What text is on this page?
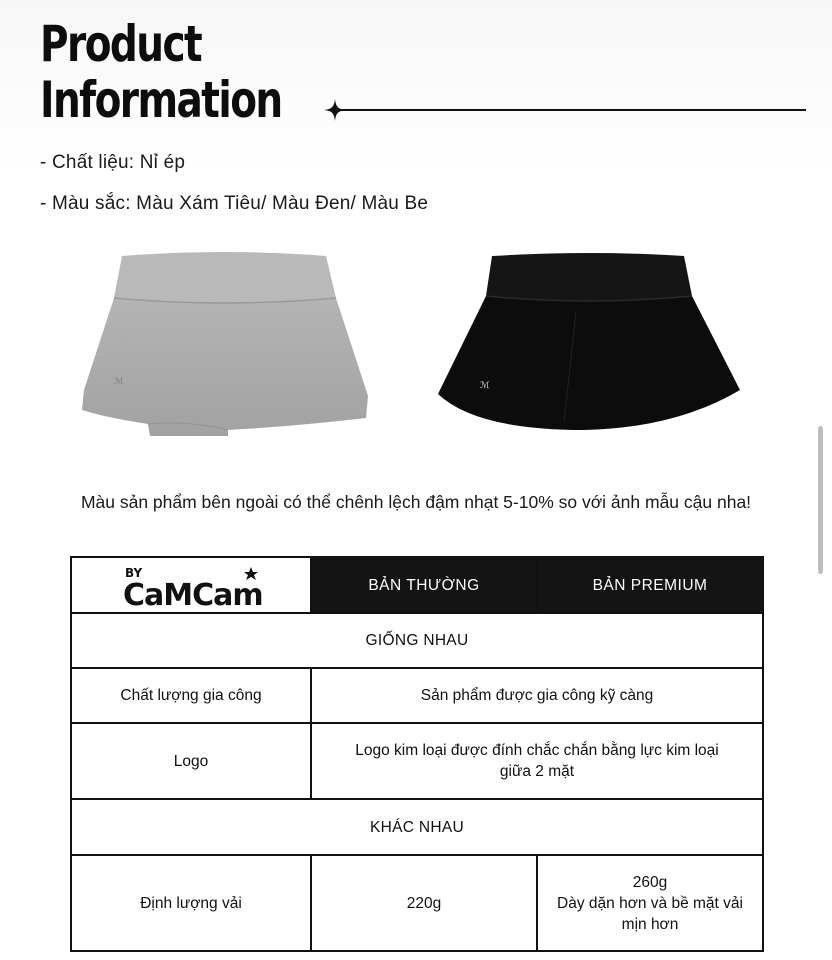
Product
Information
- Chất liệu: Nỉ ép
- Màu sắc: Màu Xám Tiêu/ Màu Đen/ Màu Be
ℳ	ℳ
Màu sản phẩm bên ngoài có thể chênh lệch đậm nhạt 5-10% so với ảnh mẫu cậu nha!
BY
CaMCam	BẢN THƯỜNG	BẢN PREMIUM
GIỐNG NHAU		
Chất lượng gia công	Sản phẩm được gia công kỹ càng	
Logo	Logo kim loại được đính chắc chắn bằng lực kim loại giữa 2 mặt	
KHÁC NHAU		
Định lượng vải	220g	260g
Dày dặn hơn và bề mặt vải mịn hơn
